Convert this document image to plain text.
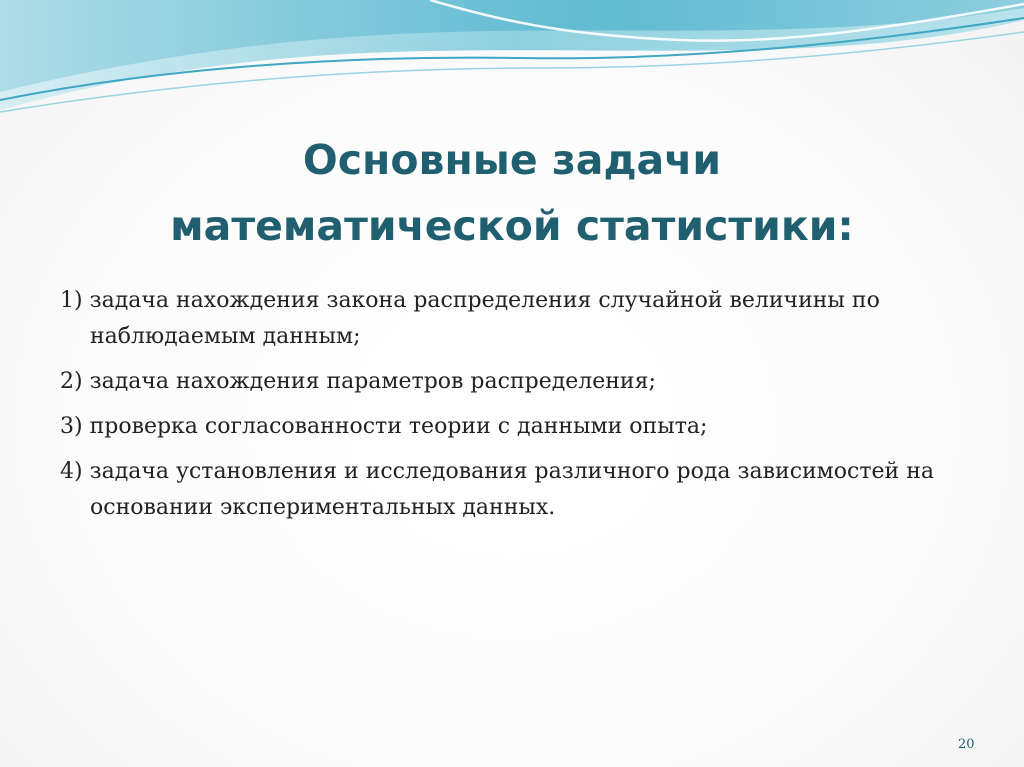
Основные задачи
математической статистики:
1) задача нахождения закона распределения случайной величины по наблюдаемым данным;
2) задача нахождения параметров распределения;
3) проверка согласованности теории с данными опыта;
4) задача установления и исследования различного рода зависимостей на основании экспериментальных данных.
20
